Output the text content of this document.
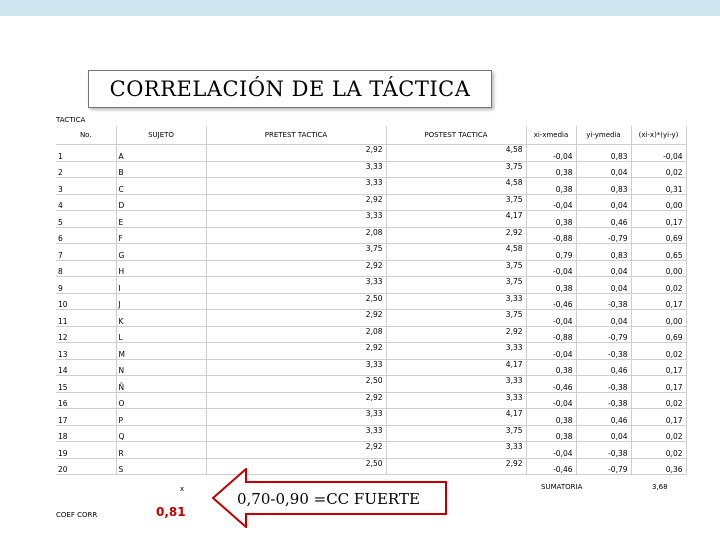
CORRELACIÓN DE LA TÁCTICA
TACTICA
No.	SUJETO	PRETEST TACTICA	POSTEST TACTICA	xi-xmedia	yi-ymedia	(xi-x)*(yi-y)
1	A	2,92	4,58	-0,04	0,83	-0,04
2	B	3,33	3,75	0,38	0,04	0,02
3	C	3,33	4,58	0,38	0,83	0,31
4	D	2,92	3,75	-0,04	0,04	0,00
5	E	3,33	4,17	0,38	0,46	0,17
6	F	2,08	2,92	-0,88	-0,79	0,69
7	G	3,75	4,58	0,79	0,83	0,65
8	H	2,92	3,75	-0,04	0,04	0,00
9	I	3,33	3,75	0,38	0,04	0,02
10	J	2,50	3,33	-0,46	-0,38	0,17
11	K	2,92	3,75	-0,04	0,04	0,00
12	L	2,08	2,92	-0,88	-0,79	0,69
13	M	2,92	3,33	-0,04	-0,38	0,02
14	N	3,33	4,17	0,38	0,46	0,17
15	Ñ	2,50	3,33	-0,46	-0,38	0,17
16	O	2,92	3,33	-0,04	-0,38	0,02
17	P	3,33	4,17	0,38	0,46	0,17
18	Q	3,33	3,75	0,38	0,04	0,02
19	R	2,92	3,33	-0,04	-0,38	0,02
20	S	2,50	2,92	-0,46	-0,79	0,36
x	SUMATORIA	3,68
COEF CORR	0,81
0,70-0,90 =CC FUERTE
